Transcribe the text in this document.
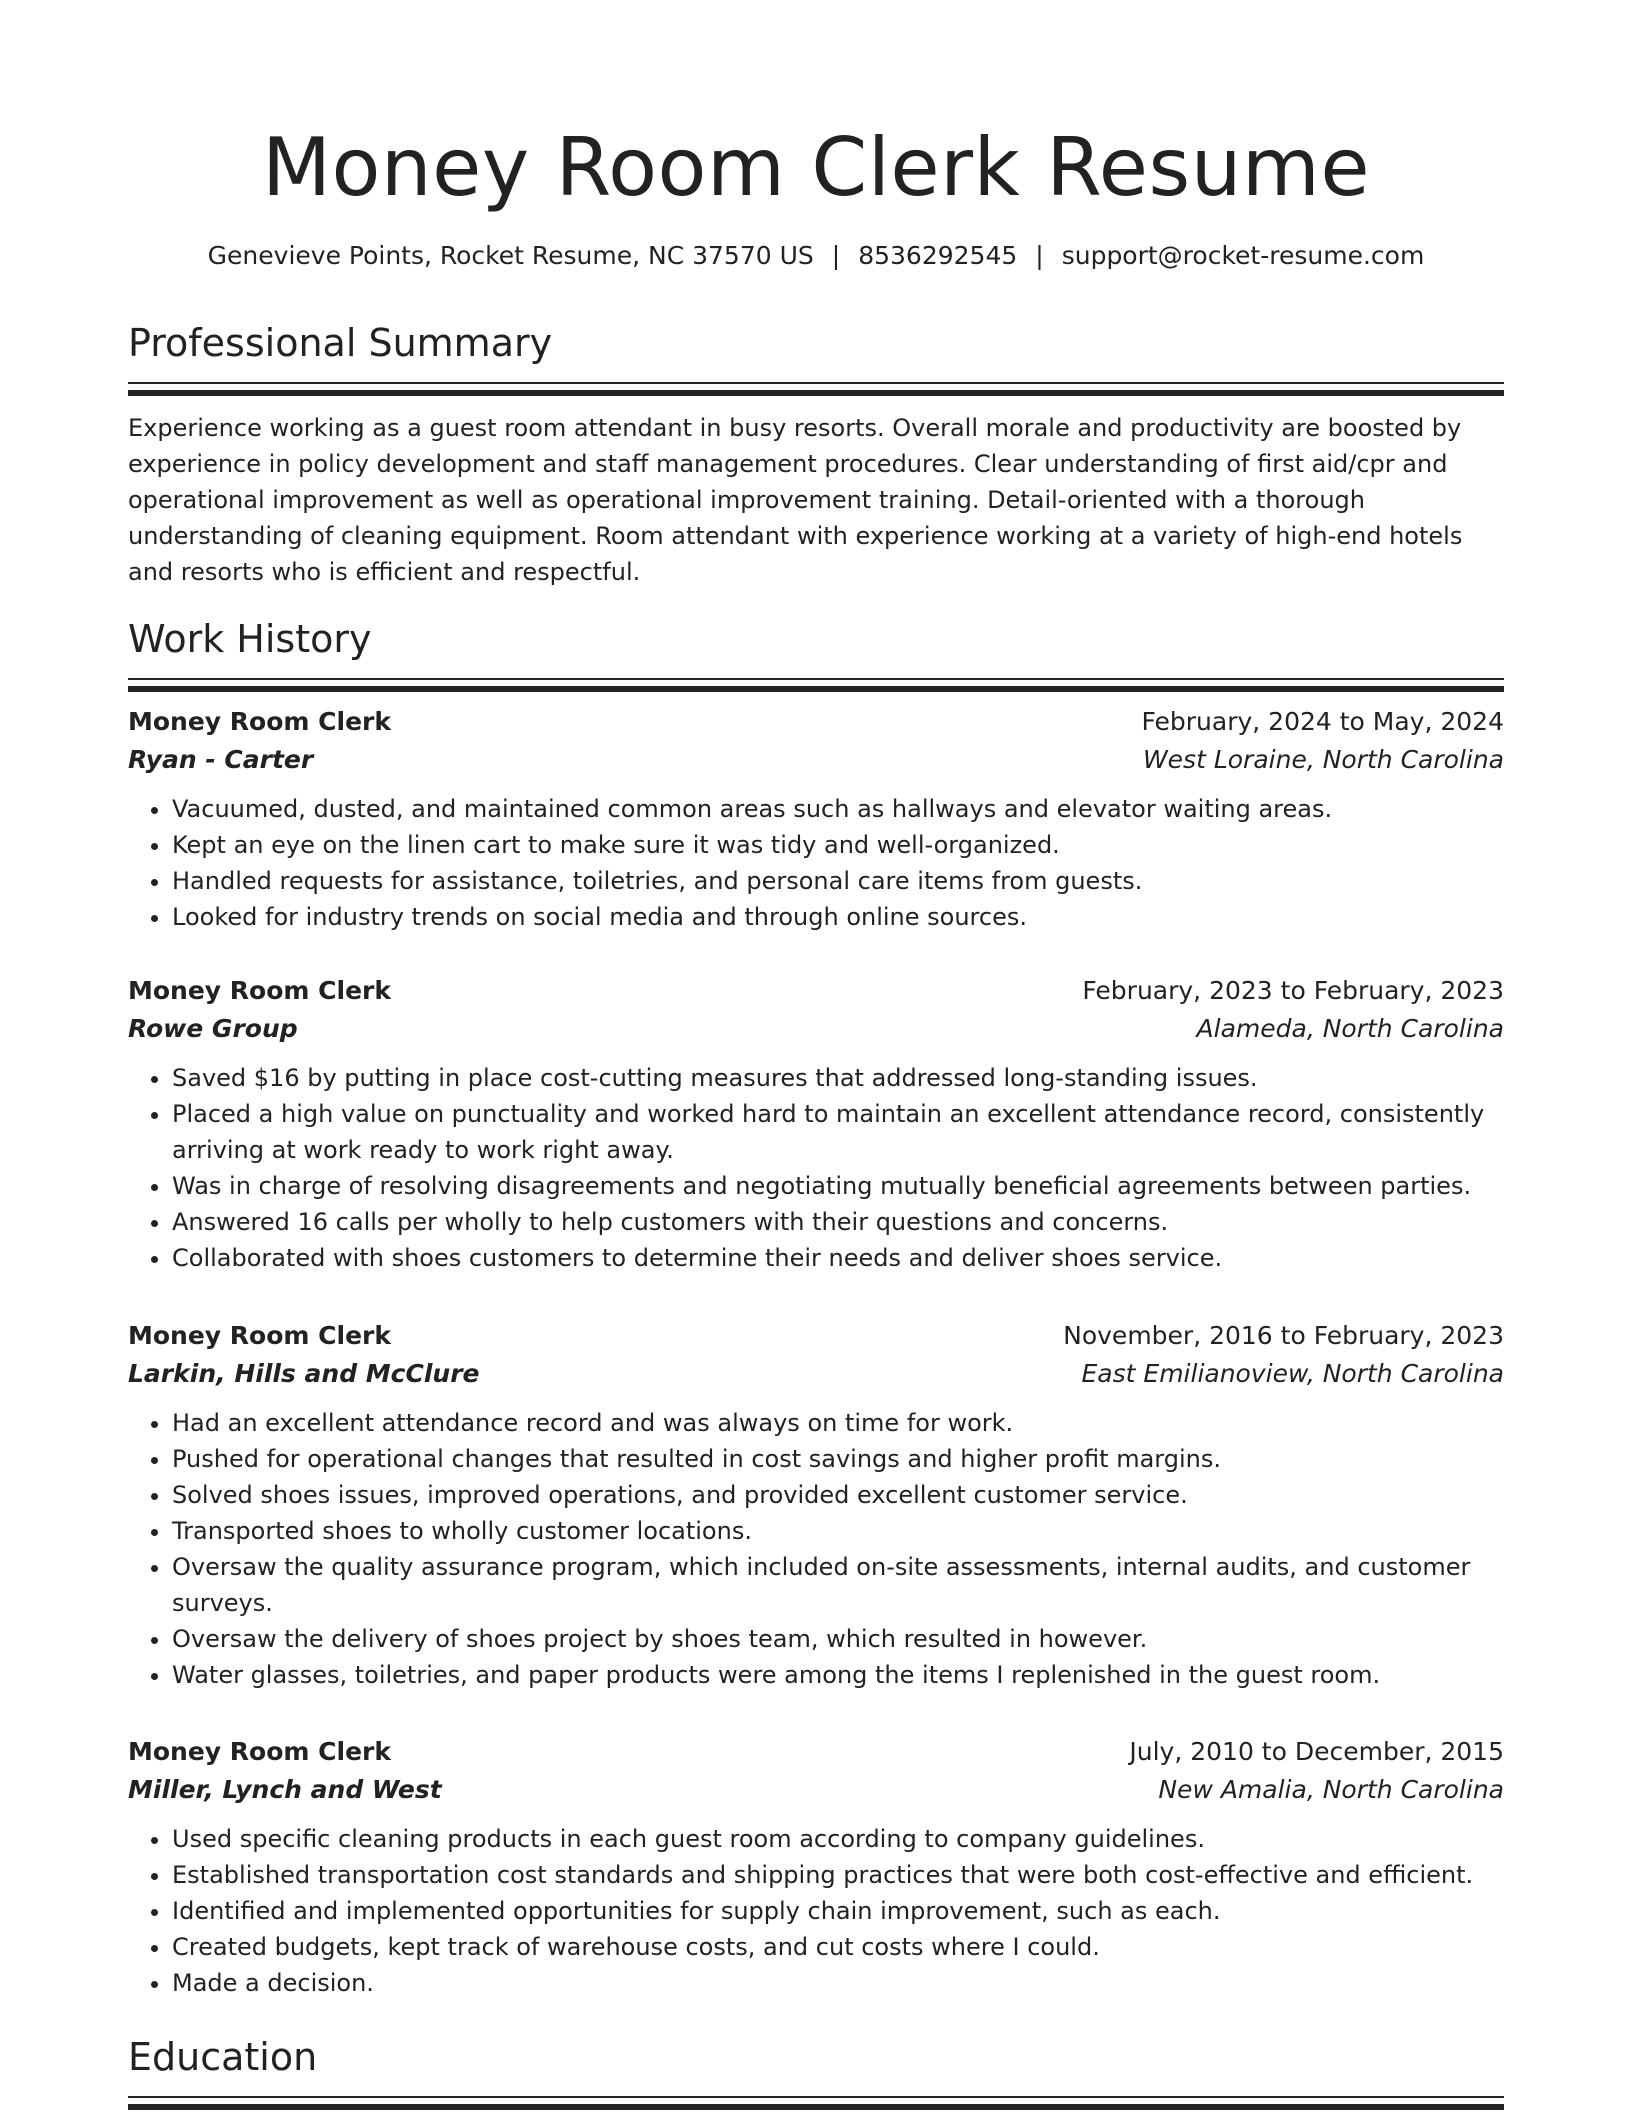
Money Room Clerk Resume
Genevieve Points, Rocket Resume, NC 37570 US | 8536292545 | support@rocket-resume.com
Professional Summary

Experience working as a guest room attendant in busy resorts. Overall morale and productivity are boosted by experience in policy development and staff management procedures. Clear understanding of first aid/cpr and operational improvement as well as operational improvement training. Detail-oriented with a thorough understanding of cleaning equipment. Room attendant with experience working at a variety of high-end hotels and resorts who is efficient and respectful.

Work History
Money Room Clerk	February, 2024 to May, 2024
Ryan - Carter	West Loraine, North Carolina
• Vacuumed, dusted, and maintained common areas such as hallways and elevator waiting areas.
• Kept an eye on the linen cart to make sure it was tidy and well-organized.
• Handled requests for assistance, toiletries, and personal care items from guests.
• Looked for industry trends on social media and through online sources.
Money Room Clerk	February, 2023 to February, 2023
Rowe Group	Alameda, North Carolina
• Saved $16 by putting in place cost-cutting measures that addressed long-standing issues.
• Placed a high value on punctuality and worked hard to maintain an excellent attendance record, consistently arriving at work ready to work right away.
• Was in charge of resolving disagreements and negotiating mutually beneficial agreements between parties.
• Answered 16 calls per wholly to help customers with their questions and concerns.
• Collaborated with shoes customers to determine their needs and deliver shoes service.
Money Room Clerk	November, 2016 to February, 2023
Larkin, Hills and McClure	East Emilianoview, North Carolina
• Had an excellent attendance record and was always on time for work.
• Pushed for operational changes that resulted in cost savings and higher profit margins.
• Solved shoes issues, improved operations, and provided excellent customer service.
• Transported shoes to wholly customer locations.
• Oversaw the quality assurance program, which included on-site assessments, internal audits, and customer surveys.
• Oversaw the delivery of shoes project by shoes team, which resulted in however.
• Water glasses, toiletries, and paper products were among the items I replenished in the guest room.
Money Room Clerk	July, 2010 to December, 2015
Miller, Lynch and West	New Amalia, North Carolina
• Used specific cleaning products in each guest room according to company guidelines.
• Established transportation cost standards and shipping practices that were both cost-effective and efficient.
• Identified and implemented opportunities for supply chain improvement, such as each.
• Created budgets, kept track of warehouse costs, and cut costs where I could.
• Made a decision.
Education
